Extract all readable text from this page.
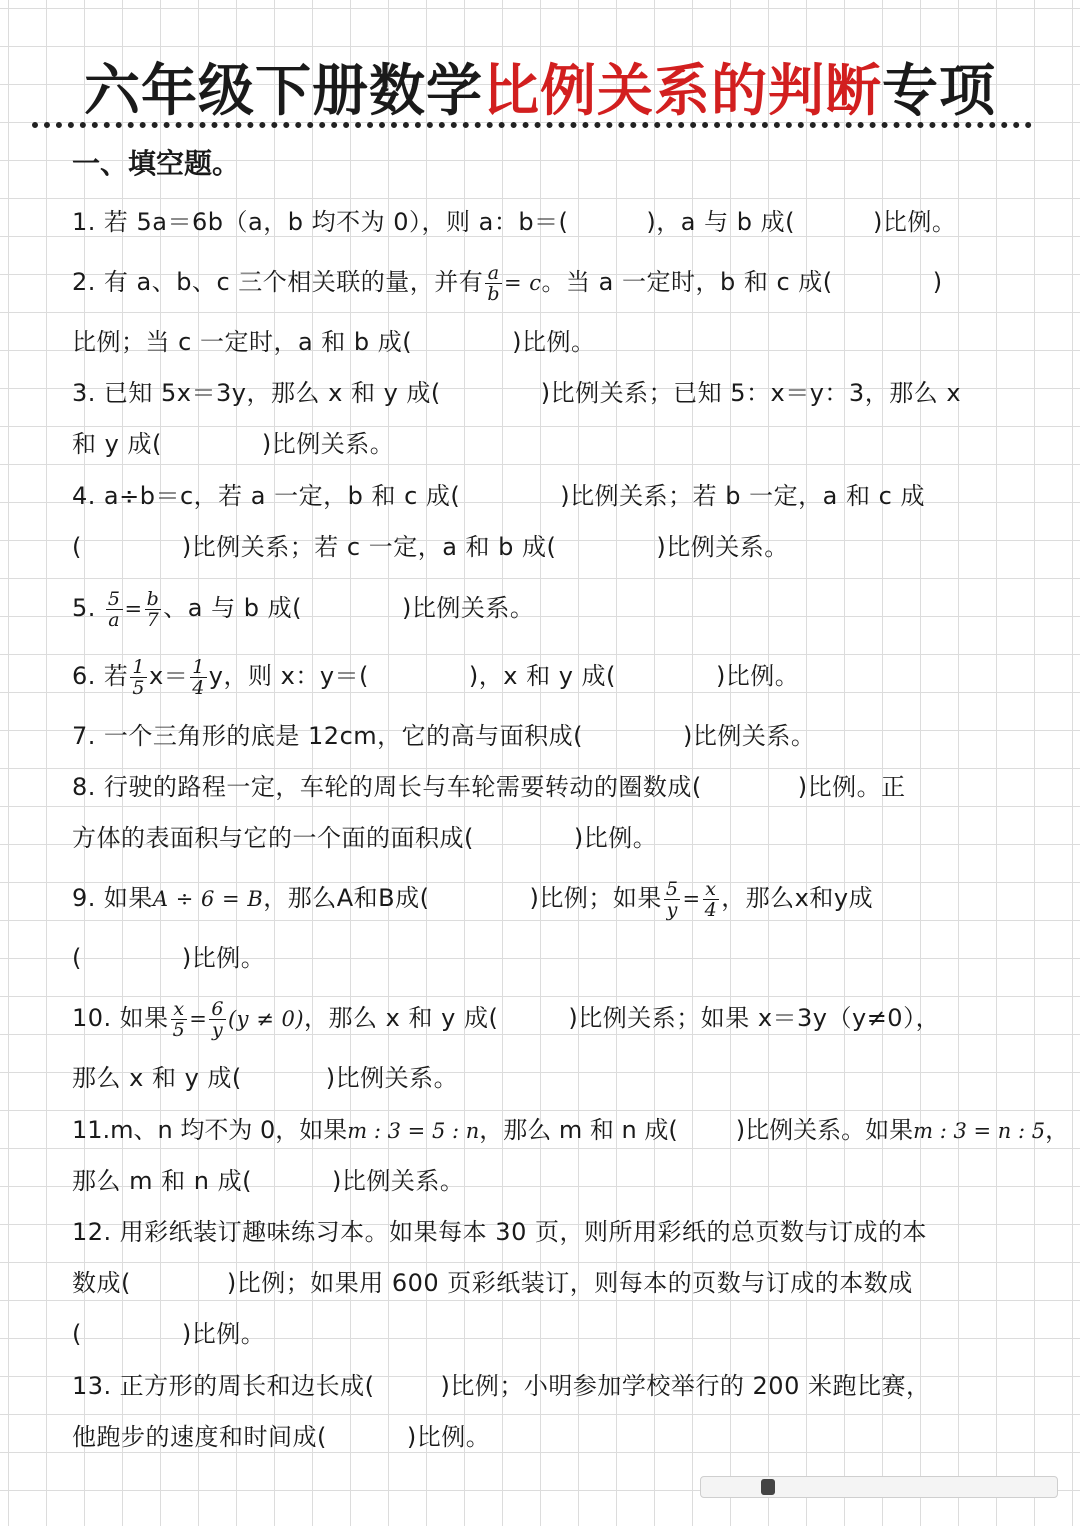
六年级下册数学比例关系的判断专项
一、填空题。
1. 若 5a＝6b（a，b 均不为 0），则 a：b＝(	)，a 与 b 成(	)比例。
2. 有 a、b、c 三个相关联的量，并有 $\frac{a}{b} = c$。当 a 一定时，b 和 c 成(	)
比例；当 c 一定时，a 和 b 成(	)比例。
3. 已知 5x＝3y，那么 x 和 y 成(	)比例关系；已知 5：x＝y：3，那么 x
和 y 成(	)比例关系。
4. a÷b＝c，若 a 一定，b 和 c 成(	)比例关系；若 b 一定，a 和 c 成
(	)比例关系；若 c 一定，a 和 b 成(	)比例关系。
5. $\frac{5}{a} = \frac{b}{7}$ 、a 与 b 成(	)比例关系。
6. 若 $\frac{1}{5} x= \frac{1}{4}$ y，则 x：y＝(	)，x 和 y 成(	)比例。
7. 一个三角形的底是 12cm，它的高与面积成(	)比例关系。
8. 行驶的路程一定，车轮的周长与车轮需要转动的圈数成(	)比例。正
方体的表面积与它的一个面的面积成(	)比例。
9. 如果A ÷ 6 = B，那么A和B成(	)比例；如果 $\frac{5}{y} = \frac{x}{4}$ ，那么x和y成
(	)比例。
10. 如果 $\frac{x}{5} = \frac{6}{y} (y \ne 0)$，那么 x 和 y 成(	)比例关系；如果 x＝3y（y≠0），
那么 x 和 y 成(	)比例关系。
11.m、n 均不为 0，如果m : 3 = 5 : n，那么 m 和 n 成( )比例关系。如果m : 3 = n : 5，
那么 m 和 n 成(	)比例关系。
12. 用彩纸装订趣味练习本。如果每本 30 页，则所用彩纸的总页数与订成的本
数成(	)比例；如果用 600 页彩纸装订，则每本的页数与订成的本数成
(	)比例。
13. 正方形的周长和边长成(	)比例；小明参加学校举行的 200 米跑比赛，
他跑步的速度和时间成(	)比例。
